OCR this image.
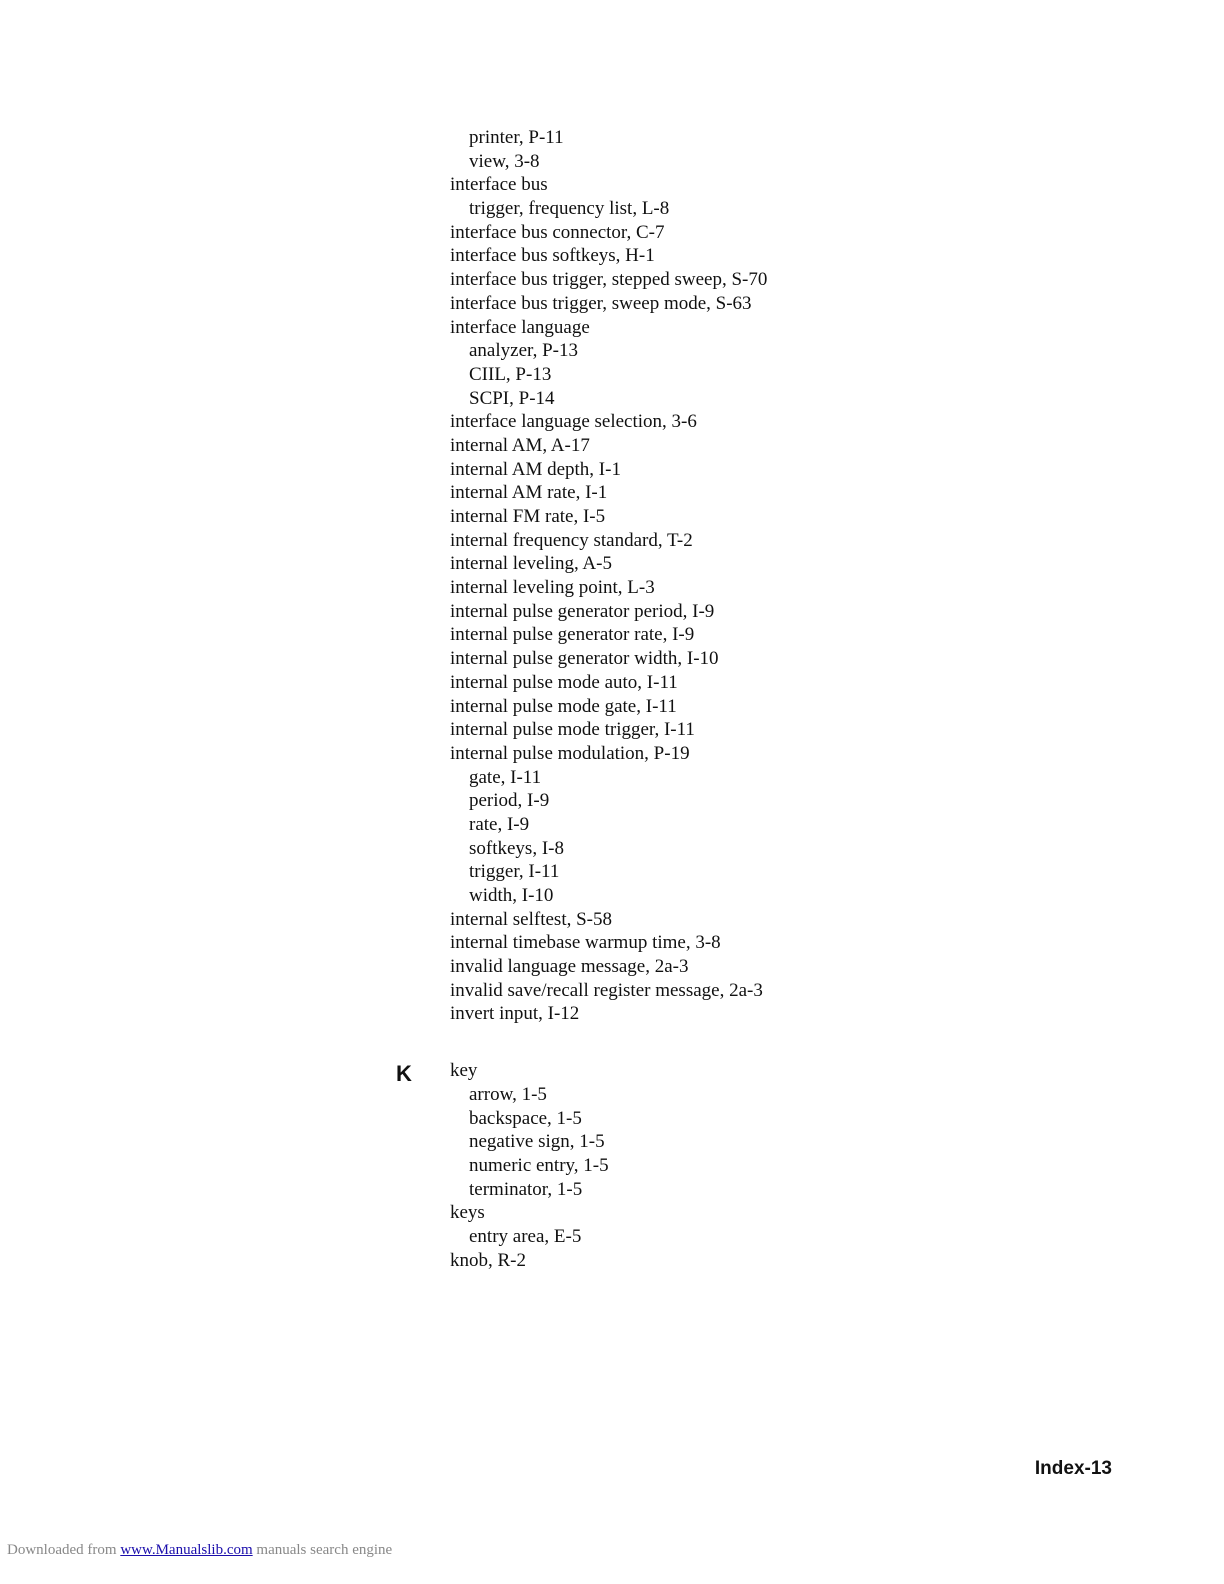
printer, P-11
view, 3-8
interface bus
trigger, frequency list, L-8
interface bus connector, C-7
interface bus softkeys, H-1
interface bus trigger, stepped sweep, S-70
interface bus trigger, sweep mode, S-63
interface language
analyzer, P-13
CIIL, P-13
SCPI, P-14
interface language selection, 3-6
internal AM, A-17
internal AM depth, I-1
internal AM rate, I-1
internal FM rate, I-5
internal frequency standard, T-2
internal leveling, A-5
internal leveling point, L-3
internal pulse generator period, I-9
internal pulse generator rate, I-9
internal pulse generator width, I-10
internal pulse mode auto, I-11
internal pulse mode gate, I-11
internal pulse mode trigger, I-11
internal pulse modulation, P-19
gate, I-11
period, I-9
rate, I-9
softkeys, I-8
trigger, I-11
width, I-10
internal selftest, S-58
internal timebase warmup time, 3-8
invalid language message, 2a-3
invalid save/recall register message, 2a-3
invert input, I-12
key
arrow, 1-5
backspace, 1-5
negative sign, 1-5
numeric entry, 1-5
terminator, 1-5
keys
entry area, E-5
knob, R-2
K
Index-13
Downloaded from www.Manualslib.com manuals search engine
